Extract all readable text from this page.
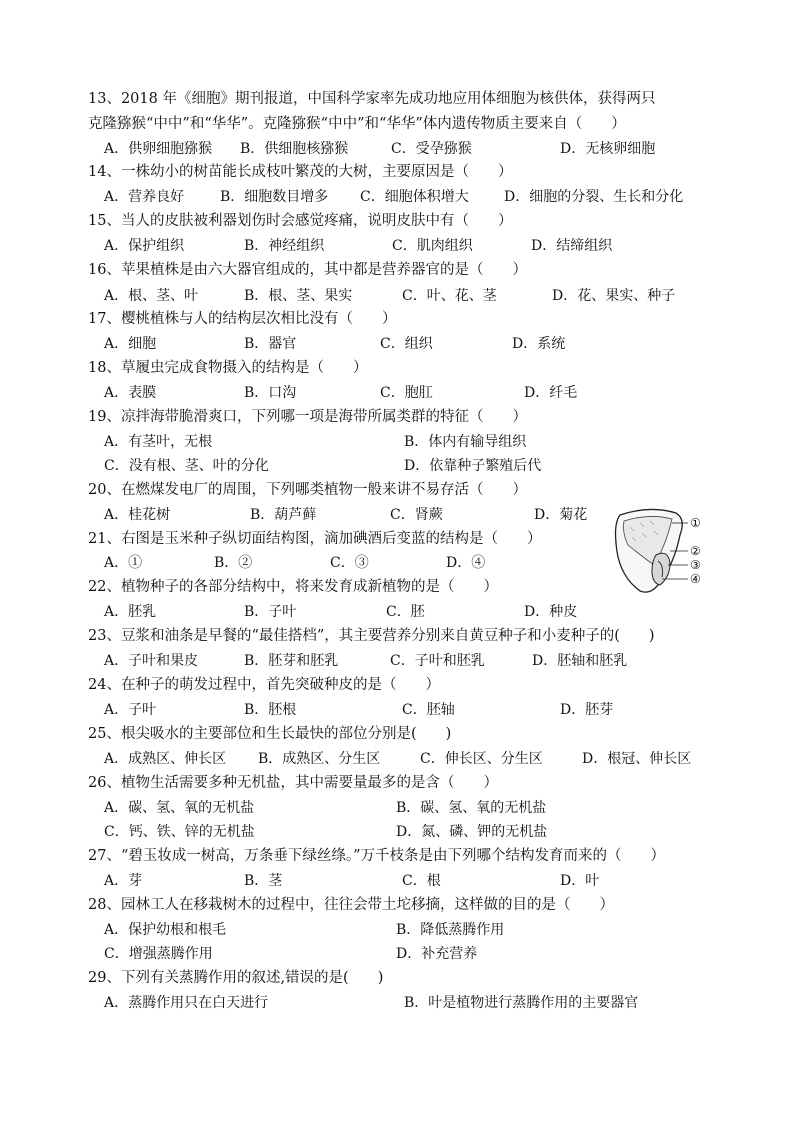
13、2018 年《细胞》期刊报道，中国科学家率先成功地应用体细胞为核供体，获得两只
克隆猕猴“中中”和“华华”。克隆猕猴“中中”和“华华”体内遗传物质主要来自（　　）
A．供卵细胞猕猴 B．供细胞核猕猴	C．受孕猕猴	D．无核卵细胞
14、一株幼小的树苗能长成枝叶繁茂的大树，主要原因是（　　）
A．营养良好	B．细胞数目增多 C．细胞体积增大	D．细胞的分裂、生长和分化
15、当人的皮肤被利器划伤时会感觉疼痛，说明皮肤中有（　　）
A．保护组织	B．神经组织	C．肌肉组织	D．结缔组织
16、苹果植株是由六大器官组成的，其中都是营养器官的是（　　）
A．根、茎、叶	B．根、茎、果实	C．叶、花、茎	D．花、果实、种子
17、樱桃植株与人的结构层次相比没有（　　）
A．细胞	B．器官	C．组织	D．系统
18、草履虫完成食物摄入的结构是（　　）
A．表膜	B．口沟	C．胞肛	D．纤毛
19、凉拌海带脆滑爽口，下列哪一项是海带所属类群的特征（　　）
A．有茎叶，无根	B．体内有输导组织
C．没有根、茎、叶的分化	D．依靠种子繁殖后代
20、在燃煤发电厂的周围，下列哪类植物一般来讲不易存活（　　）
A．桂花树	B．葫芦藓	C．肾蕨	D．菊花
21、右图是玉米种子纵切面结构图，滴加碘酒后变蓝的结构是（　　）
A．①	B．②	C．③	D．④
①
②
③
④
22、植物种子的各部分结构中，将来发育成新植物的是（　　）
A．胚乳	B．子叶	C．胚	D．种皮
23、豆浆和油条是早餐的“最佳搭档”，其主要营养分别来自黄豆种子和小麦种子的(　　)
A．子叶和果皮	B．胚芽和胚乳	C．子叶和胚乳	D．胚轴和胚乳
24、在种子的萌发过程中，首先突破种皮的是（　　）
A．子叶	B．胚根	C．胚轴	D．胚芽
25、根尖吸水的主要部位和生长最快的部位分别是(　　)
A．成熟区、伸长区 B．成熟区、分生区	C．伸长区、分生区	D．根冠、伸长区
26、植物生活需要多种无机盐，其中需要量最多的是含（　　）
A．碳、氢、氧的无机盐	B．碳、氢、氧的无机盐
C．钙、铁、锌的无机盐	D．氮、磷、钾的无机盐
27、“碧玉妆成一树高，万条垂下绿丝绦。”万千枝条是由下列哪个结构发育而来的（　　）
A．芽	B．茎	C．根	D．叶
28、园林工人在移栽树木的过程中，往往会带土坨移摘，这样做的目的是（　　）
A．保护幼根和根毛	B．降低蒸腾作用
C．增强蒸腾作用	D．补充营养
29、下列有关蒸腾作用的叙述,错误的是(　　)
A．蒸腾作用只在白天进行	B．叶是植物进行蒸腾作用的主要器官
